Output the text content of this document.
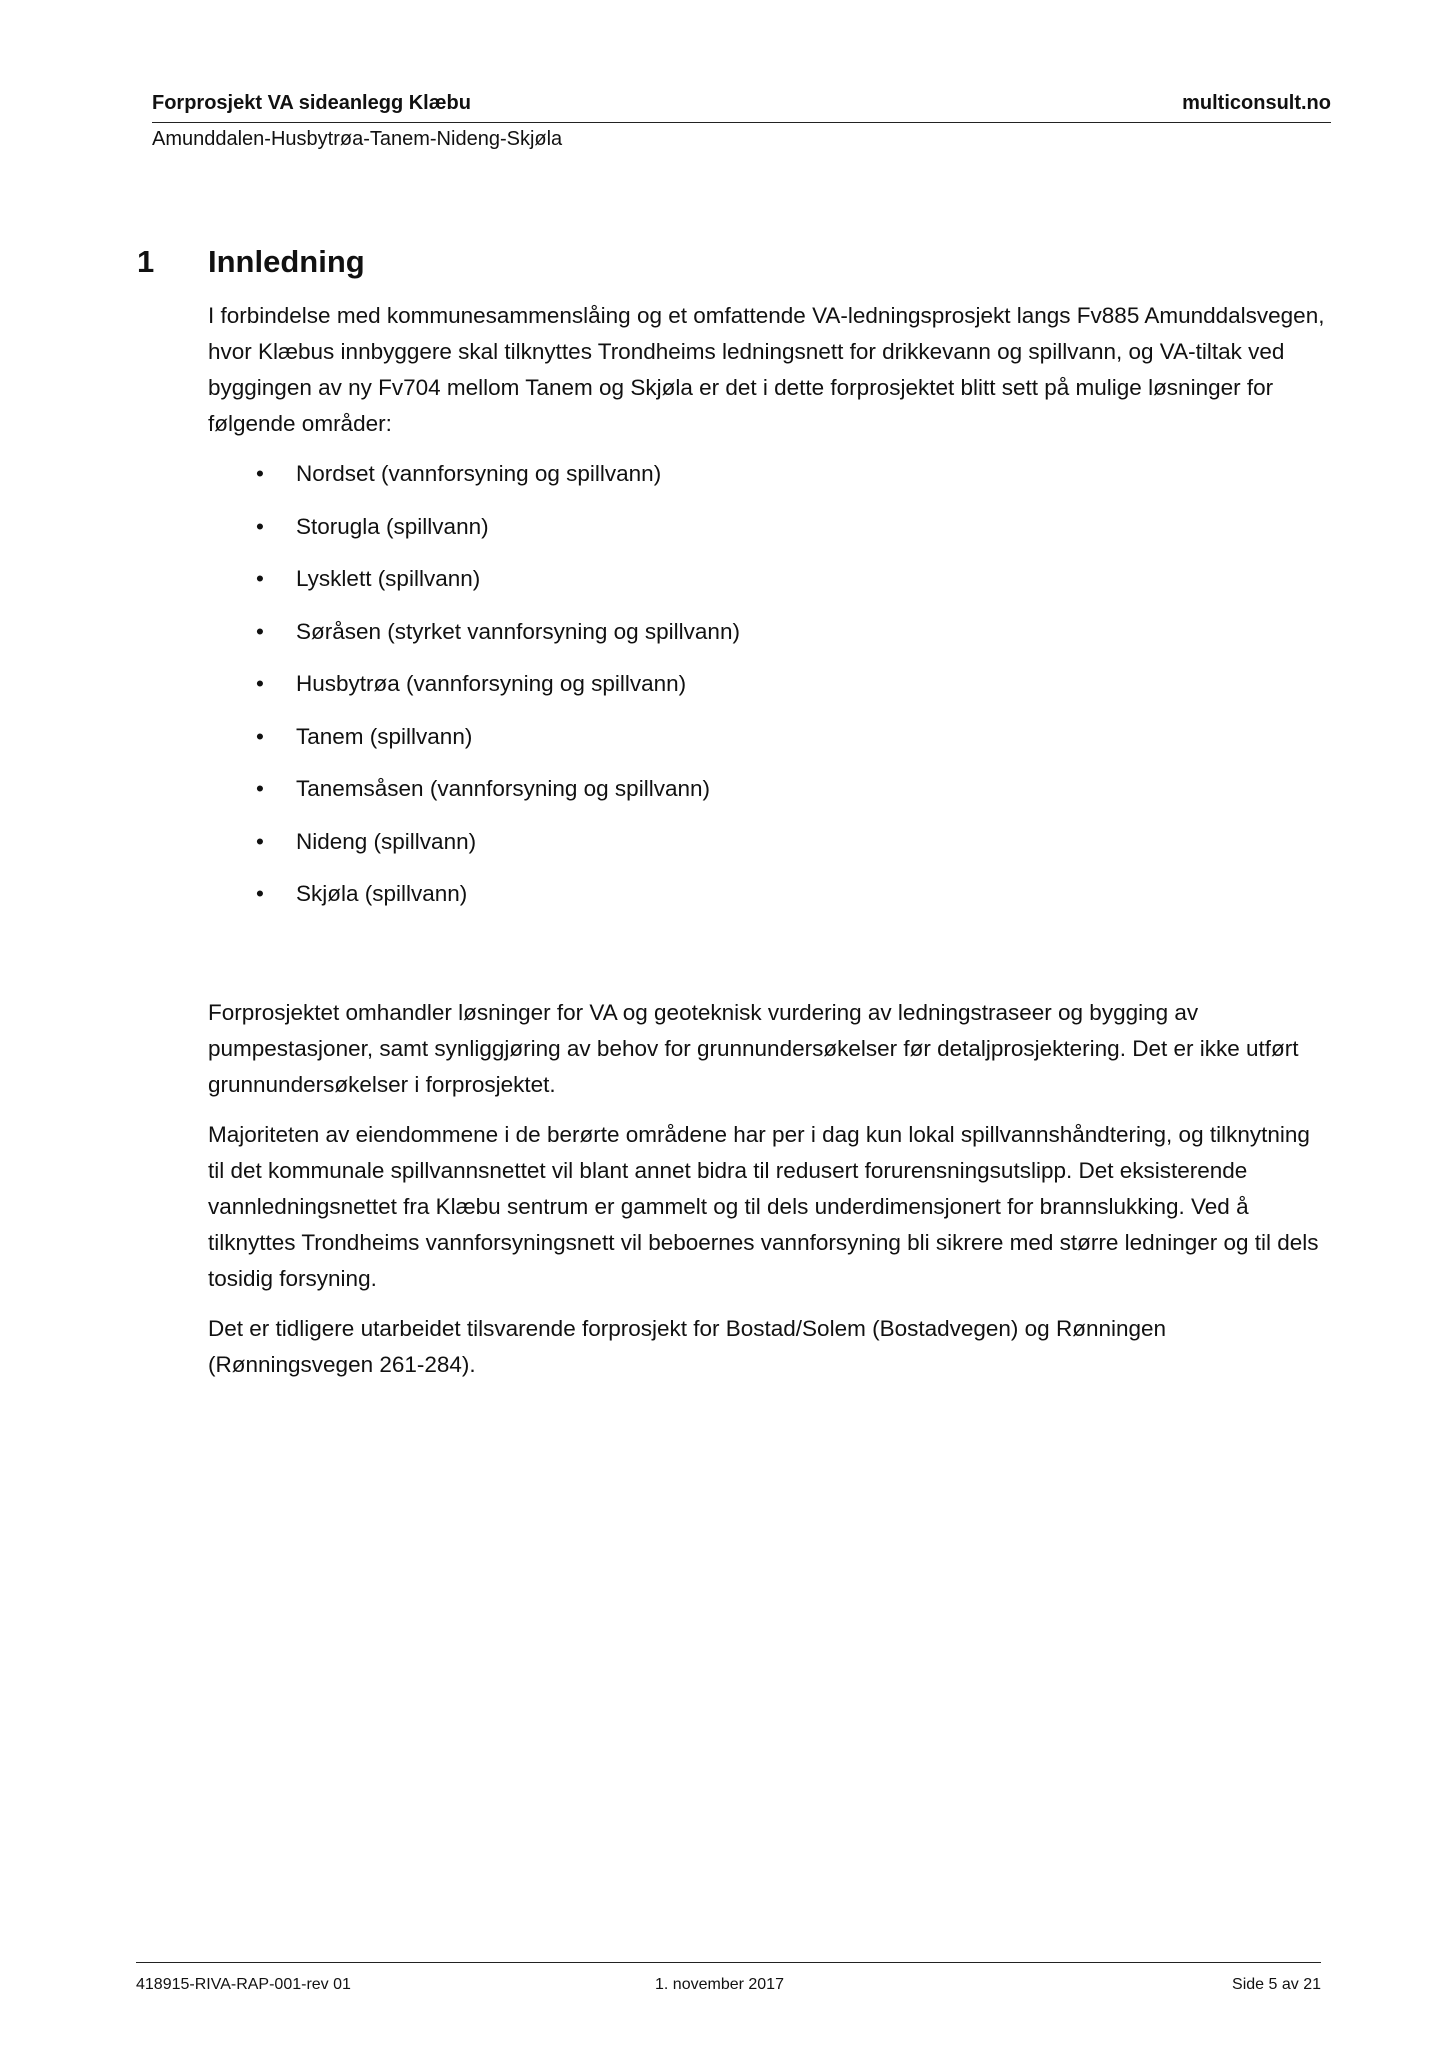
Forprosjekt VA sideanlegg Klæbu	multiconsult.no
Amunddalen-Husbytrøa-Tanem-Nideng-Skjøla
1 Innledning

I forbindelse med kommunesammenslåing og et omfattende VA-ledningsprosjekt langs Fv885 Amunddalsvegen, hvor Klæbus innbyggere skal tilknyttes Trondheims ledningsnett for drikkevann og spillvann, og VA-tiltak ved byggingen av ny Fv704 mellom Tanem og Skjøla er det i dette forprosjektet blitt sett på mulige løsninger for følgende områder:

• Nordset (vannforsyning og spillvann)
• Storugla (spillvann)
• Lysklett (spillvann)
• Søråsen (styrket vannforsyning og spillvann)
• Husbytrøa (vannforsyning og spillvann)
• Tanem (spillvann)
• Tanemsåsen (vannforsyning og spillvann)
• Nideng (spillvann)
• Skjøla (spillvann)

Forprosjektet omhandler løsninger for VA og geoteknisk vurdering av ledningstraseer og bygging av pumpestasjoner, samt synliggjøring av behov for grunnundersøkelser før detaljprosjektering. Det er ikke utført grunnundersøkelser i forprosjektet.

Majoriteten av eiendommene i de berørte områdene har per i dag kun lokal spillvannshåndtering, og tilknytning til det kommunale spillvannsnettet vil blant annet bidra til redusert forurensningsutslipp. Det eksisterende vannledningsnettet fra Klæbu sentrum er gammelt og til dels underdimensjonert for brannslukking. Ved å tilknyttes Trondheims vannforsyningsnett vil beboernes vannforsyning bli sikrere med større ledninger og til dels tosidig forsyning.

Det er tidligere utarbeidet tilsvarende forprosjekt for Bostad/Solem (Bostadvegen) og Rønningen (Rønningsvegen 261-284).

418915-RIVA-RAP-001-rev 01	1. november 2017	Side 5 av 21
